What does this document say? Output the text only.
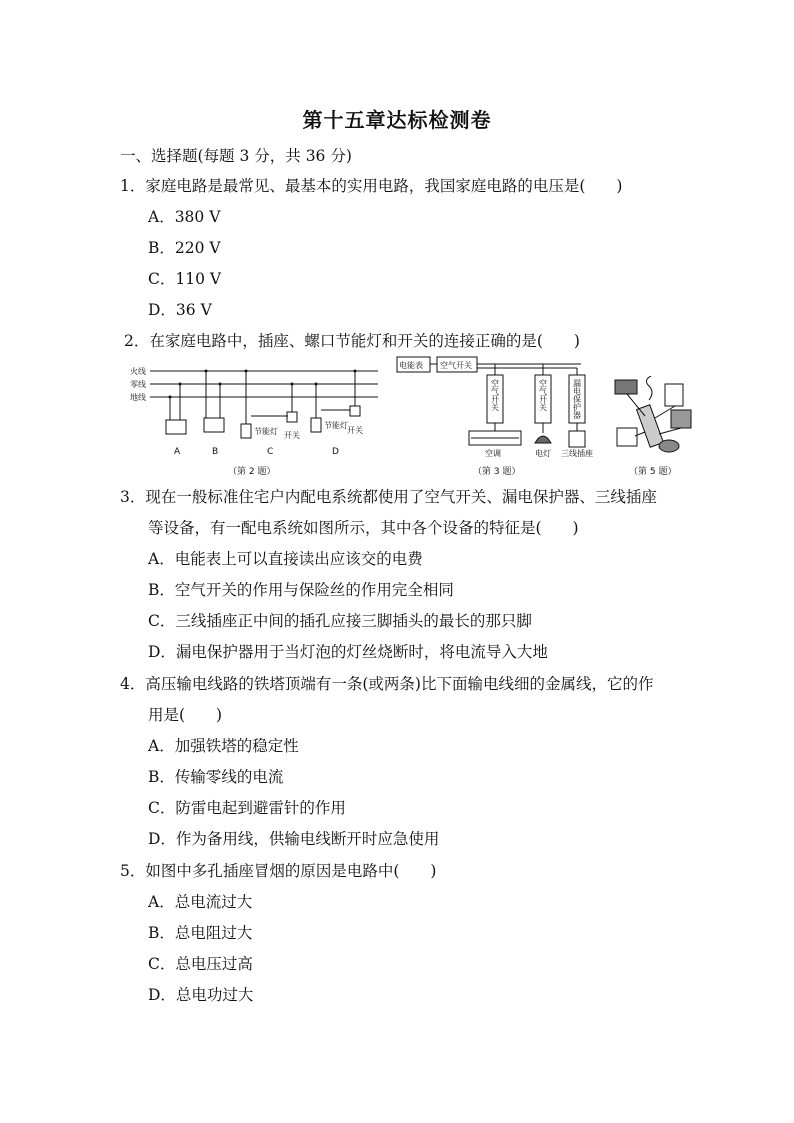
第十五章达标检测卷
一、选择题(每题 3 分，共 36 分)
1．家庭电路是最常见、最基本的实用电路，我国家庭电路的电压是(　　)
A．380 V
B．220 V
C．110 V
D．36 V
2．在家庭电路中，插座、螺口节能灯和开关的连接正确的是(　　)
火线
零线
地线
节能灯 开关
节能灯
开关
A	B	C	D
（第 2 题）
电能表 空气开关
空气开关	空气开关	漏电保护器
空调	电灯 三线插座
（第 3 题）	（第 5 题）
3．现在一般标准住宅户内配电系统都使用了空气开关、漏电保护器、三线插座
等设备，有一配电系统如图所示，其中各个设备的特征是(　　)
A．电能表上可以直接读出应该交的电费
B．空气开关的作用与保险丝的作用完全相同
C．三线插座正中间的插孔应接三脚插头的最长的那只脚
D．漏电保护器用于当灯泡的灯丝烧断时，将电流导入大地
4．高压输电线路的铁塔顶端有一条(或两条)比下面输电线细的金属线，它的作
用是(　　)
A．加强铁塔的稳定性
B．传输零线的电流
C．防雷电起到避雷针的作用
D．作为备用线，供输电线断开时应急使用
5．如图中多孔插座冒烟的原因是电路中(　　)
A．总电流过大
B．总电阻过大
C．总电压过高
D．总电功过大
